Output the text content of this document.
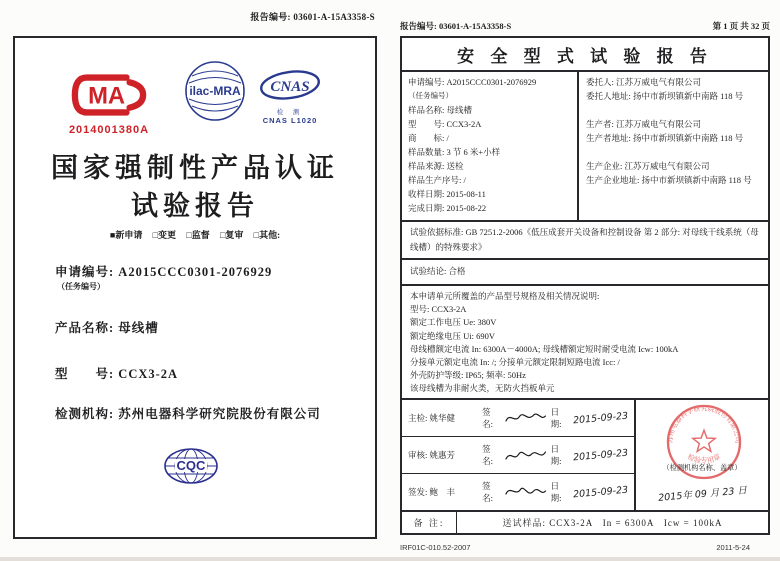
报告编号: 03601-A-15A3358-S
MA
2014001380A
ilac-MRA CNAS
检 测
CNAS L1020
国家强制性产品认证
试验报告
■新申请 □变更 □监督 □复审 □其他:
申请编号: A2015CCC0301-2076929
（任务编号）
产品名称: 母线槽
型　　号: CCX3-2A
检测机构: 苏州电器科学研究院股份有限公司
CQC
报告编号: 03601-A-15A3358-S	第 1 页 共 32 页
安 全 型 式 试 验 报 告
申请编号: A2015CCC0301-2076929
（任务编号）
样品名称: 母线槽
型　　号: CCX3-2A
商　　标: /
样品数量: 3 节 6 米+小样
样品来源: 送检
样品生产序号: /
收样日期: 2015-08-11
完成日期: 2015-08-22
委托人: 江苏万威电气有限公司
委托人地址: 扬中市新坝镇新中南路 118 号
生产者: 江苏万威电气有限公司
生产者地址: 扬中市新坝镇新中南路 118 号
生产企业: 江苏万威电气有限公司
生产企业地址: 扬中市新坝镇新中南路 118 号
试验依据标准: GB 7251.2-2006《低压成套开关设备和控制设备 第 2 部分: 对母线干线系统（母线槽）的特殊要求》
试验结论: 合格
本申请单元所覆盖的产品型号规格及相关情况说明:
型号: CCX3-2A
额定工作电压 Ue: 380V
额定绝缘电压 Ui: 690V
母线槽额定电流 In: 6300A－4000A; 母线槽额定短时耐受电流 Icw: 100kA
分接单元额定电流 In: /; 分接单元额定限制短路电流 Icc: /
外壳防护等级: IP65; 频率: 50Hz
该母线槽为非耐火类，无防火挡板单元
主检: 姚华健
签名:
日期:	2015-09-23
审核: 姚惠芳
签名:
日期:	2015-09-23
签发: 鲍　丰
签名:
日期:	2015-09-23
苏州电器科学研究院股份有限公司
检验专用章
（检测机构名称、盖章）
2015年 09 月 23 日
备 注:	送试样品: CCX3-2A　In = 6300A　Icw = 100kA
IRF01C-010.52-2007	2011-5-24
